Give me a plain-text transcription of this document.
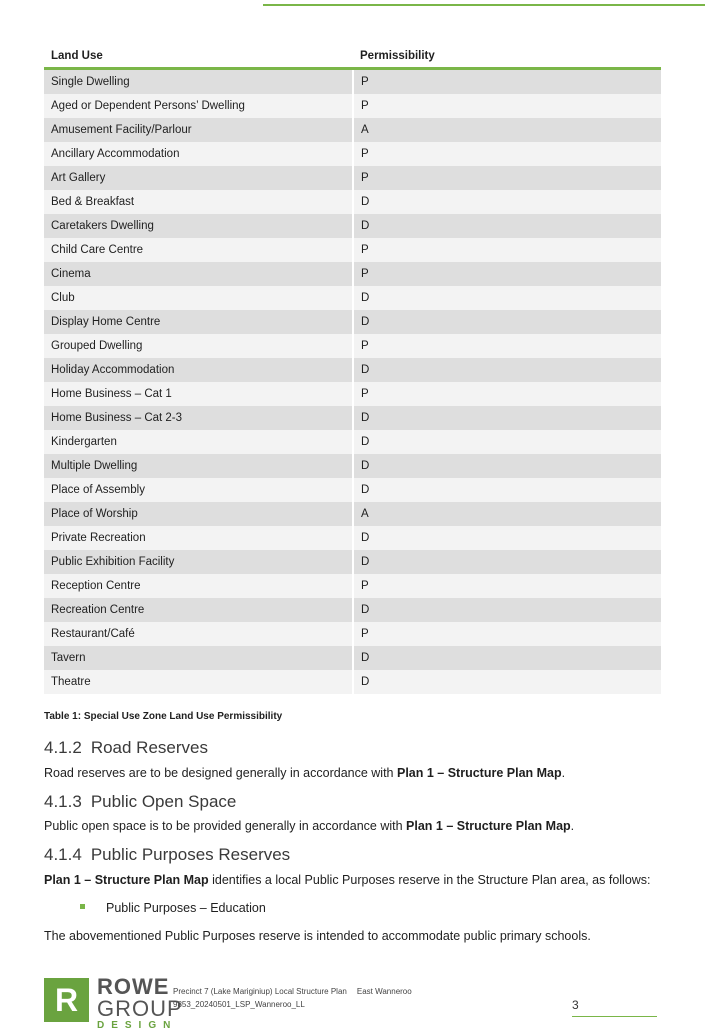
Land Use	Permissibility
Single Dwelling	P
Aged or Dependent Persons’ Dwelling	P
Amusement Facility/Parlour	A
Ancillary Accommodation	P
Art Gallery	P
Bed & Breakfast	D
Caretakers Dwelling	D
Child Care Centre	P
Cinema	P
Club	D
Display Home Centre	D
Grouped Dwelling	P
Holiday Accommodation	D
Home Business – Cat 1	P
Home Business – Cat 2-3	D
Kindergarten	D
Multiple Dwelling	D
Place of Assembly	D
Place of Worship	A
Private Recreation	D
Public Exhibition Facility	D
Reception Centre	P
Recreation Centre	D
Restaurant/Café	P
Tavern	D
Theatre	D
Table 1: Special Use Zone Land Use Permissibility
4.1.2 Road Reserves
Road reserves are to be designed generally in accordance with Plan 1 – Structure Plan Map.
4.1.3 Public Open Space
Public open space is to be provided generally in accordance with Plan 1 – Structure Plan Map.
4.1.4 Public Purposes Reserves
Plan 1 – Structure Plan Map identifies a local Public Purposes reserve in the Structure Plan area, as follows:
Public Purposes – Education
The abovementioned Public Purposes reserve is intended to accommodate public primary schools.
R ROWE
GROUP
DESIGN
Precinct 7 (Lake Mariginiup) Local Structure Plan East Wanneroo
9853_20240501_LSP_Wanneroo_LL	3
